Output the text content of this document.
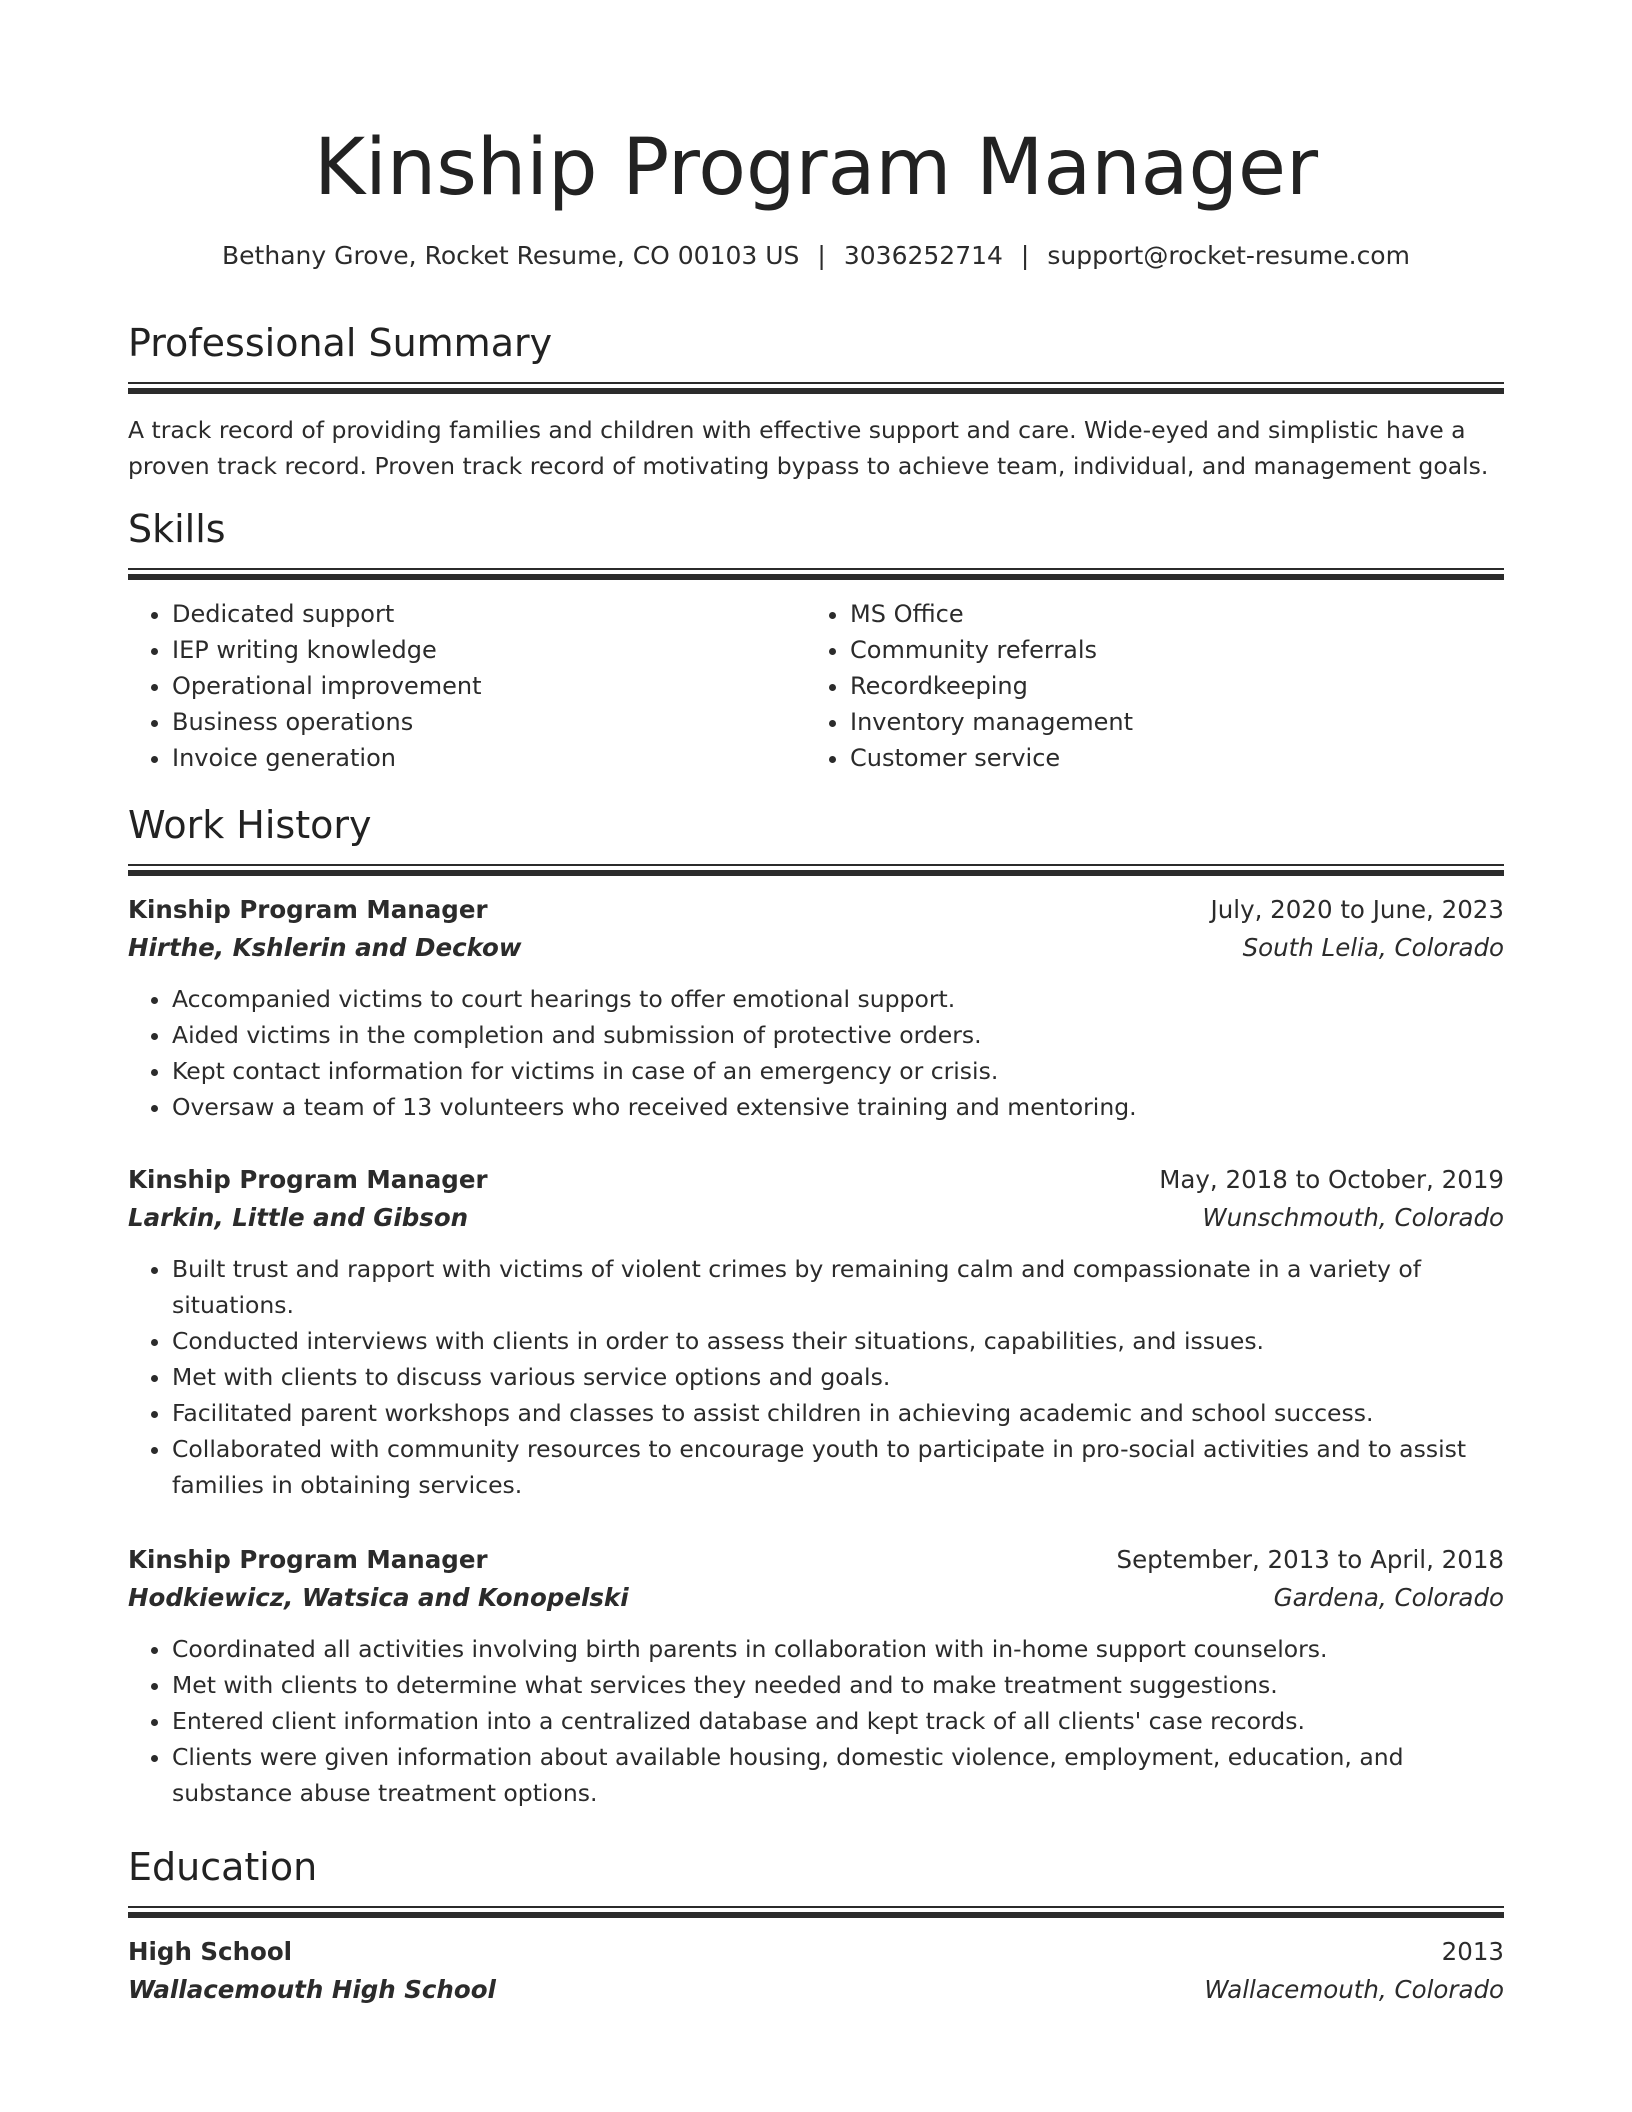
Kinship Program Manager
Bethany Grove, Rocket Resume, CO 00103 US | 3036252714 | support@rocket-resume.com
Professional Summary
A track record of providing families and children with effective support and care. Wide-eyed and simplistic have a proven track record. Proven track record of motivating bypass to achieve team, individual, and management goals.
Skills
• Dedicated support
• IEP writing knowledge
• Operational improvement
• Business operations
• Invoice generation
• MS Office
• Community referrals
• Recordkeeping
• Inventory management
• Customer service
Work History
Kinship Program Manager	July, 2020 to June, 2023
Hirthe, Kshlerin and Deckow	South Lelia, Colorado
• Accompanied victims to court hearings to offer emotional support.
• Aided victims in the completion and submission of protective orders.
• Kept contact information for victims in case of an emergency or crisis.
• Oversaw a team of 13 volunteers who received extensive training and mentoring.
Kinship Program Manager	May, 2018 to October, 2019
Larkin, Little and Gibson	Wunschmouth, Colorado
• Built trust and rapport with victims of violent crimes by remaining calm and compassionate in a variety of situations.
• Conducted interviews with clients in order to assess their situations, capabilities, and issues.
• Met with clients to discuss various service options and goals.
• Facilitated parent workshops and classes to assist children in achieving academic and school success.
• Collaborated with community resources to encourage youth to participate in pro-social activities and to assist families in obtaining services.
Kinship Program Manager	September, 2013 to April, 2018
Hodkiewicz, Watsica and Konopelski	Gardena, Colorado
• Coordinated all activities involving birth parents in collaboration with in-home support counselors.
• Met with clients to determine what services they needed and to make treatment suggestions.
• Entered client information into a centralized database and kept track of all clients' case records.
• Clients were given information about available housing, domestic violence, employment, education, and substance abuse treatment options.
Education
High School	2013
Wallacemouth High School	Wallacemouth, Colorado
